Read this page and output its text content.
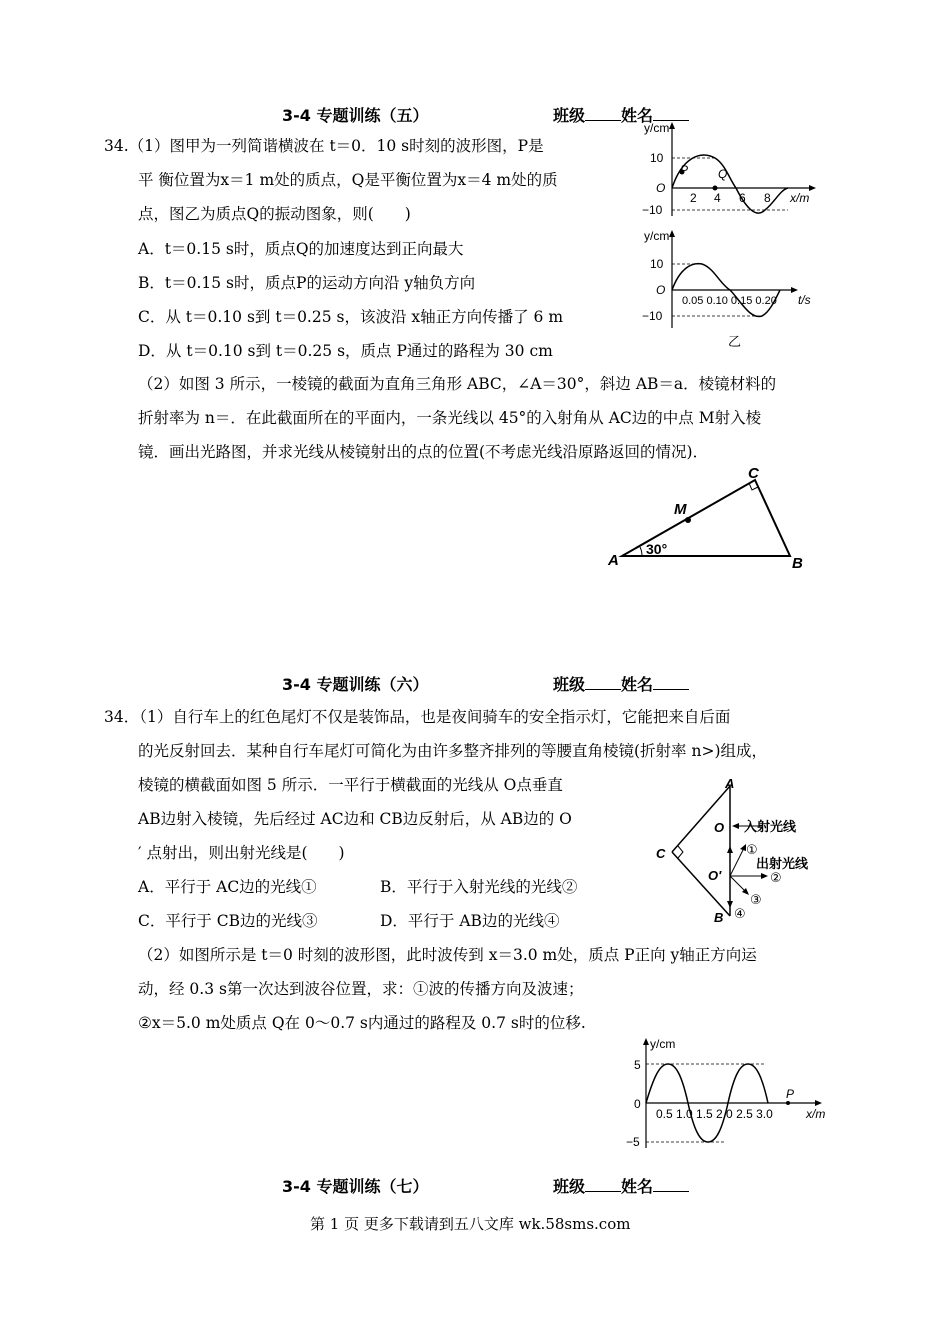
3-4 专题训练（五）	班级 姓名
34.（1）图甲为一列简谐横波在 t＝0．10 s时刻的波形图，P是
平 衡位置为x＝1 m处的质点，Q是平衡位置为x＝4 m处的质
点，图乙为质点Q的振动图象，则(　　)
A．t＝0.15 s时，质点Q的加速度达到正向最大
B．t＝0.15 s时，质点P的运动方向沿 y轴负方向
C．从 t＝0.10 s到 t＝0.25 s，该波沿 x轴正方向传播了 6 m
D．从 t＝0.10 s到 t＝0.25 s，质点 P通过的路程为 30 cm
（2）如图 3 所示，一棱镜的截面为直角三角形 ABC，∠A＝30°，斜边 AB＝a．棱镜材料的
折射率为 n＝．在此截面所在的平面内，一条光线以 45°的入射角从 AC边的中点 M射入棱
镜．画出光路图，并求光线从棱镜射出的点的位置(不考虑光线沿原路返回的情况)．
y/cm
10
−10
O
2 4 6 8 x/m
P Q
y/cm
10
−10
O
0.05 0.10 0.15 0.20 t/s
乙
A	B
C
M
30°
3-4 专题训练（六）	班级 姓名
34．（1）自行车上的红色尾灯不仅是装饰品，也是夜间骑车的安全指示灯，它能把来自后面
的光反射回去．某种自行车尾灯可简化为由许多整齐排列的等腰直角棱镜(折射率 n>)组成，
棱镜的横截面如图 5 所示．一平行于横截面的光线从 O点垂直
AB边射入棱镜，先后经过 AC边和 CB边反射后，从 AB边的 O
′ 点射出，则出射光线是(　　)
A．平行于 AC边的光线①	B．平行于入射光线的光线②
C．平行于 CB边的光线③	D．平行于 AB边的光线④
（2）如图所示是 t＝0 时刻的波形图，此时波传到 x＝3.0 m处，质点 P正向 y轴正方向运
动，经 0.3 s第一次达到波谷位置，求：①波的传播方向及波速；
②x＝5.0 m处质点 Q在 0～0.7 s内通过的路程及 0.7 s时的位移.
A
B
C
O
O′
入射光线
出射光线
①
②
③
④
y/cm
5
0
−5
0.5 1.0 1.5 2.0 2.5 3.0	x/m
P
3-4 专题训练（七）	班级 姓名
第 1 页 更多下载请到五八文库 wk.58sms.com
